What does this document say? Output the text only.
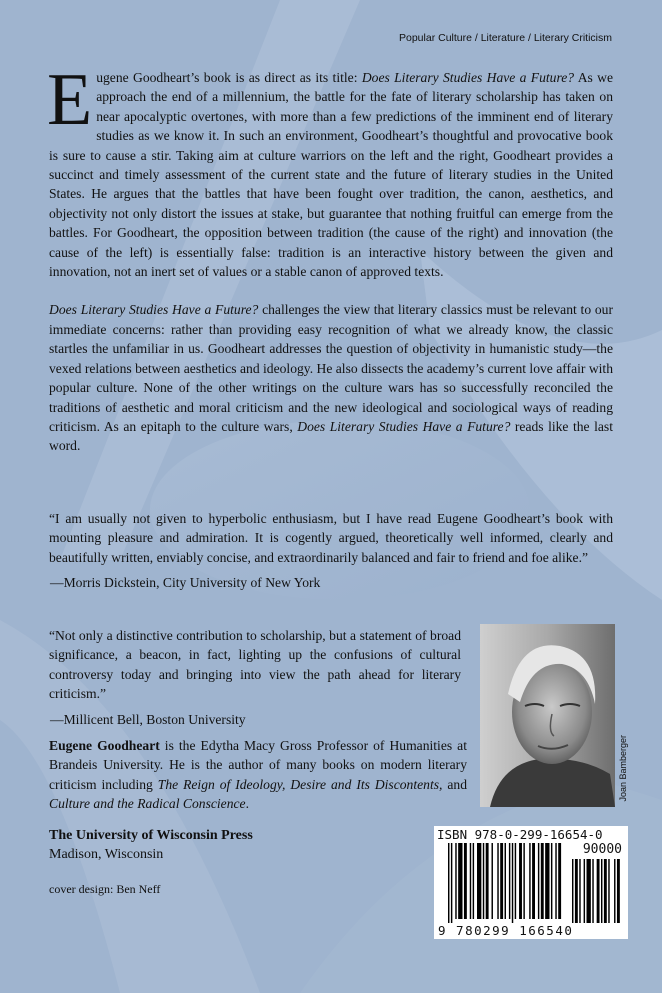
Popular Culture / Literature / Literary Criticism

Eugene Goodheart’s book is as direct as its title: Does Literary Studies Have a Future? As we approach the end of a millennium, the battle for the fate of literary scholarship has taken on near apocalyptic overtones, with more than a few predictions of the imminent end of literary studies as we know it. In such an environment, Goodheart’s thoughtful and provocative book is sure to cause a stir. Taking aim at culture warriors on the left and the right, Goodheart provides a succinct and timely assessment of the current state and the future of literary studies in the United States. He argues that the battles that have been fought over tradition, the canon, aesthetics, and objectivity not only distort the issues at stake, but guarantee that nothing fruitful can emerge from the battles. For Goodheart, the opposition between tradition (the cause of the right) and innovation (the cause of the left) is essentially false: tradition is an interactive history between the given and innovation, not an inert set of values or a stable canon of approved texts.

Does Literary Studies Have a Future? challenges the view that literary classics must be relevant to our immediate concerns: rather than providing easy recognition of what we already know, the classic startles the unfamiliar in us. Goodheart addresses the question of objectivity in humanistic study—the vexed relations between aesthetics and ideology. He also dissects the academy’s current love affair with popular culture. None of the other writings on the culture wars has so successfully reconciled the traditions of aesthetic and moral criticism and the new ideological and sociological ways of reading criticism. As an epitaph to the culture wars, Does Literary Studies Have a Future? reads like the last word.

“I am usually not given to hyperbolic enthusiasm, but I have read Eugene Goodheart’s book with mounting pleasure and admiration. It is cogently argued, theoretically well informed, clearly and beautifully written, enviably concise, and extraordinarily balanced and fair to friend and foe alike.”

—Morris Dickstein, City University of New York

“Not only a distinctive contribution to scholarship, but a statement of broad significance, a beacon, in fact, lighting up the confusions of cultural controversy today and bringing into view the path ahead for literary criticism.”

—Millicent Bell, Boston University
Joan Bamberger

Eugene Goodheart is the Edytha Macy Gross Professor of Humanities at Brandeis University. He is the author of many books on modern literary criticism including The Reign of Ideology, Desire and Its Discontents, and Culture and the Radical Conscience.

The University of Wisconsin Press
Madison, Wisconsin
cover design: Ben Neff
ISBN 978-0-299-16654-0
90000
9 780299 166540
